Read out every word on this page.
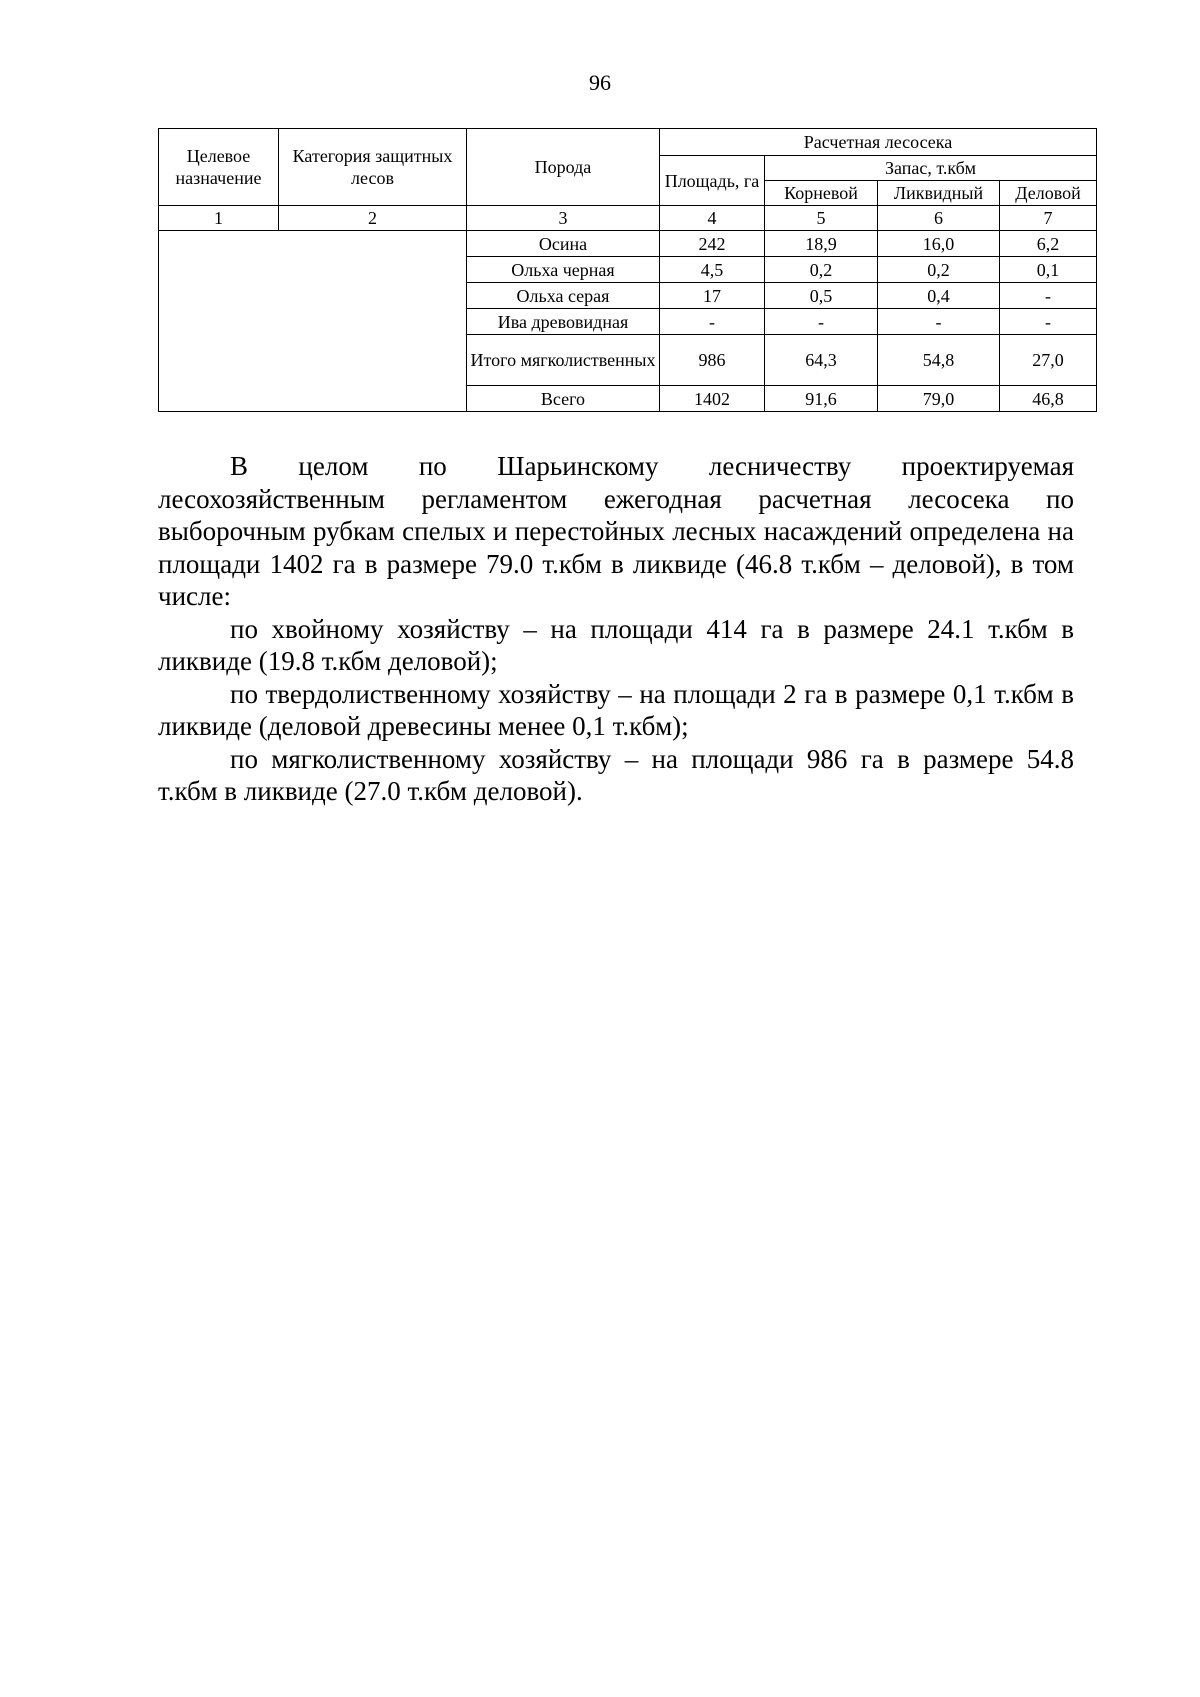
96
Целевое назначение	Категория защитных лесов	Порода	Расчетная лесосека			
			Площадь, га	Запас, т.кбм		
				Корневой	Ликвидный	Деловой
1	2	3	4	5	6	7
		Осина	242	18,9	16,0	6,2
		Ольха черная	4,5	0,2	0,2	0,1
		Ольха серая	17	0,5	0,4	-
		Ива древовидная	-	-	-	-
		Итого мягколиственных	986	64,3	54,8	27,0
		Всего	1402	91,6	79,0	46,8

В целом по Шарьинскому лесничеству проектируемая лесохозяйственным регламентом ежегодная расчетная лесосека по выборочным рубкам спелых и перестойных лесных насаждений определена на площади 1402 га в размере 79.0 т.кбм в ликвиде (46.8 т.кбм – деловой), в том числе:

по хвойному хозяйству – на площади 414 га в размере 24.1 т.кбм в ликвиде (19.8 т.кбм деловой);

по твердолиственному хозяйству – на площади 2 га в размере 0,1 т.кбм в ликвиде (деловой древесины менее 0,1 т.кбм);

по мягколиственному хозяйству – на площади 986 га в размере 54.8 т.кбм в ликвиде (27.0 т.кбм деловой).
